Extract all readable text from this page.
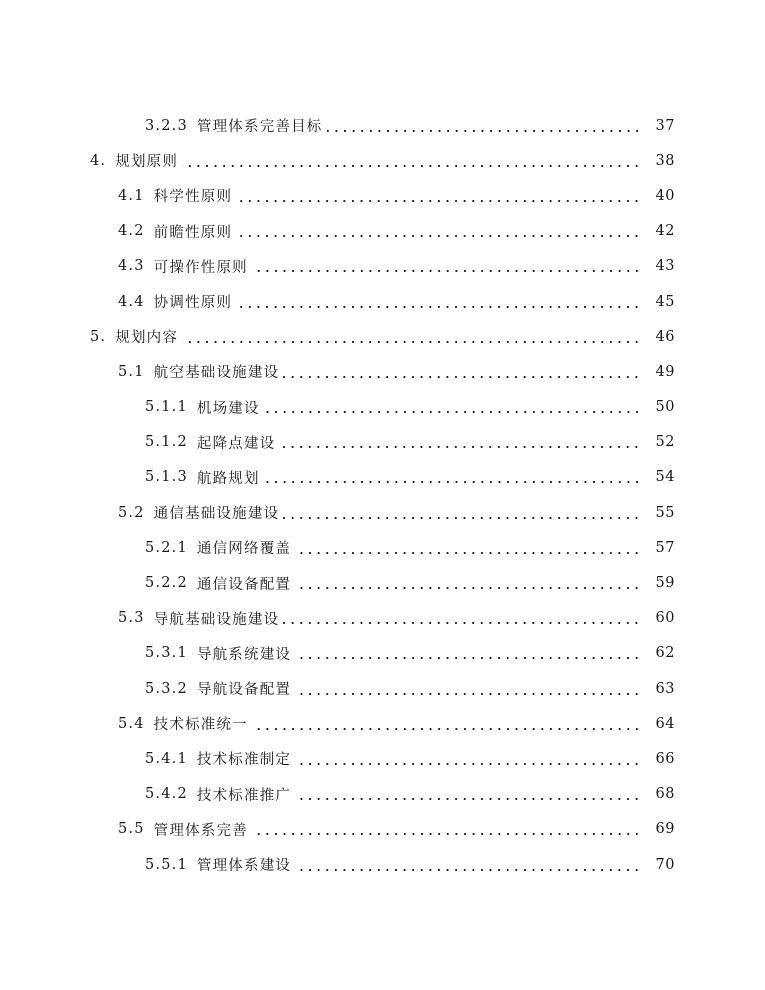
3.2.3 管理体系完善目标	37
4. 规划原则	38
4.1 科学性原则	40
4.2 前瞻性原则	42
4.3 可操作性原则	43
4.4 协调性原则	45
5. 规划内容	46
5.1 航空基础设施建设	49
5.1.1 机场建设	50
5.1.2 起降点建设	52
5.1.3 航路规划	54
5.2 通信基础设施建设	55
5.2.1 通信网络覆盖	57
5.2.2 通信设备配置	59
5.3 导航基础设施建设	60
5.3.1 导航系统建设	62
5.3.2 导航设备配置	63
5.4 技术标准统一	64
5.4.1 技术标准制定	66
5.4.2 技术标准推广	68
5.5 管理体系完善	69
5.5.1 管理体系建设	70
